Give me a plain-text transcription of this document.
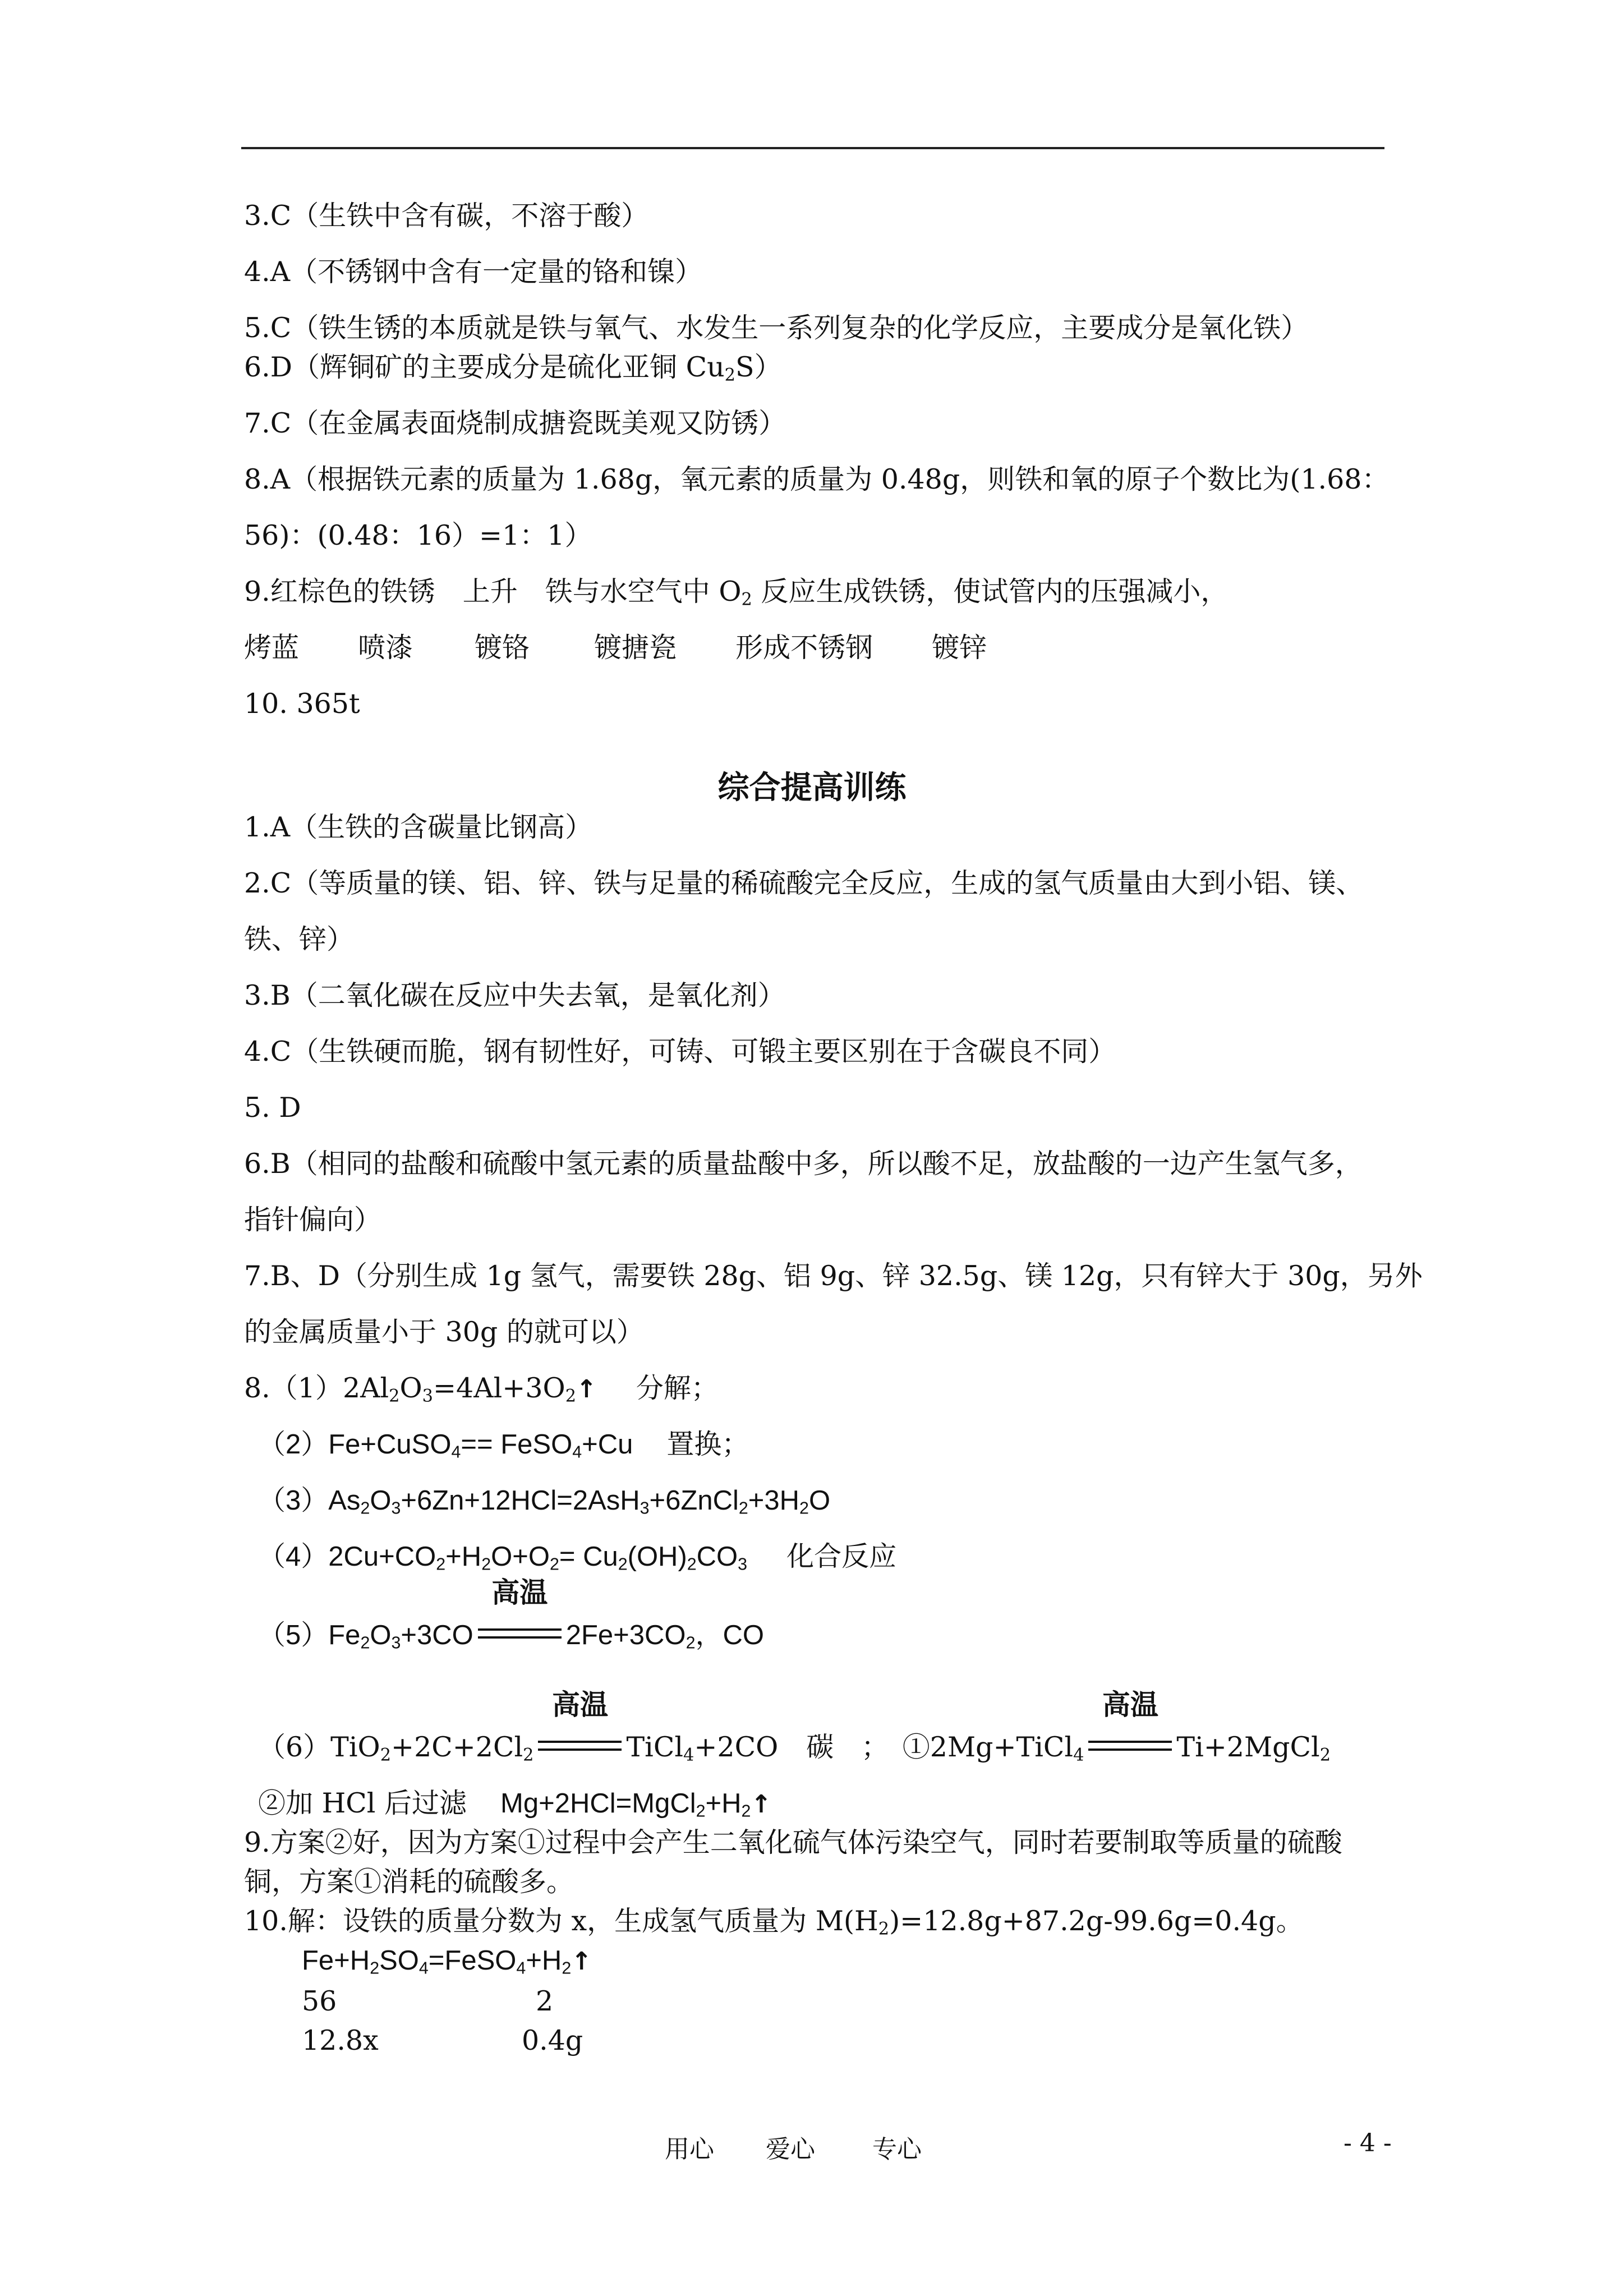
3.C（生铁中含有碳，不溶于酸）
4.A（不锈钢中含有一定量的铬和镍）
5.C（铁生锈的本质就是铁与氧气、水发生一系列复杂的化学反应，主要成分是氧化铁）
6.D（辉铜矿的主要成分是硫化亚铜 $Cu_2S$）
7.C（在金属表面烧制成搪瓷既美观又防锈）
8.A（根据铁元素的质量为 1.68g，氧元素的质量为 0.48g，则铁和氧的原子个数比为(1.68：
56)：(0.48：16）=1：1）
9.红棕色的铁锈　上升　铁与水空气中 $O_2$ 反应生成铁锈，使试管内的压强减小，
烤蓝 喷漆 镀铬 镀搪瓷 形成不锈钢 镀锌
10. 365t
综合提高训练
1.A（生铁的含碳量比钢高）
2.C（等质量的镁、铝、锌、铁与足量的稀硫酸完全反应，生成的氢气质量由大到小铝、镁、
铁、锌）
3.B（二氧化碳在反应中失去氧，是氧化剂）
4.C（生铁硬而脆，钢有韧性好，可铸、可锻主要区别在于含碳良不同）
5. D
6.B（相同的盐酸和硫酸中氢元素的质量盐酸中多，所以酸不足，放盐酸的一边产生氢气多，
指针偏向）
7.B、D（分别生成 1g 氢气，需要铁 28g、铝 9g、锌 32.5g、镁 12g，只有锌大于 30g，另外
的金属质量小于 30g 的就可以）
$8.(1)2Al_2O_3=4Al+3O_2↑$ 分解；
（2）Fe+CuSO$_4$== FeSO$_4$+Cu 置换；
$(3)As_2O_3+6Zn+12HCl=2AsH_3+6ZnCl_2+3H_2O$
$(4)2Cu+CO_2+H_2O+O_2= Cu_2(OH)_2CO_3$ 化合反应
$(5)Fe_2O_3+3CO$
高温
$2Fe+3CO_2$，CO
$(6)TiO_2+2C+2Cl_2$
高温
TiCl$_4$+2CO 碳　；　①2Mg+TiCl$_4$
高温
Ti+2MgCl$_2$
②加 HCl 后过滤 $Mg+2HCl=MgCl_2+H_2↑$
9.方案②好，因为方案①过程中会产生二氧化硫气体污染空气，同时若要制取等质量的硫酸
铜，方案①消耗的硫酸多。
10.解：设铁的质量分数为 x，生成氢气质量为 $M(H_2)=12.8g+87.2g-99.6g=0.4g$。
$Fe+H_2SO_4=FeSO_4+H_2↑$
56	2
12.8x	0.4g
用心 爱心 专心	- 4 -
